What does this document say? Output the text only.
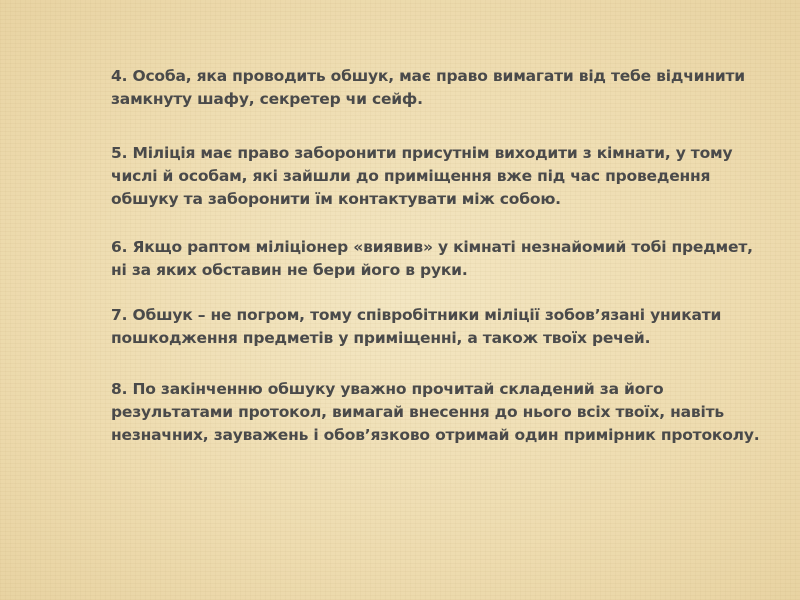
4. Особа, яка проводить обшук, має право вимагати від тебе відчинити
замкнуту шафу, секретер чи сейф.

5. Міліція має право заборонити присутнім виходити з кімнати, у тому
числі й особам, які зайшли до приміщення вже під час проведення
обшуку та заборонити їм контактувати між собою.

6. Якщо раптом міліціонер «виявив» у кімнаті незнайомий тобі предмет,
ні за яких обставин не бери його в руки.

7. Обшук – не погром, тому співробітники міліції зобов’язані уникати
пошкодження предметів у приміщенні, а також твоїх речей.

8. По закінченню обшуку уважно прочитай складений за його
результатами протокол, вимагай внесення до нього всіх твоїх, навіть
незначних, зауважень і обов’язково отримай один примірник протоколу.
